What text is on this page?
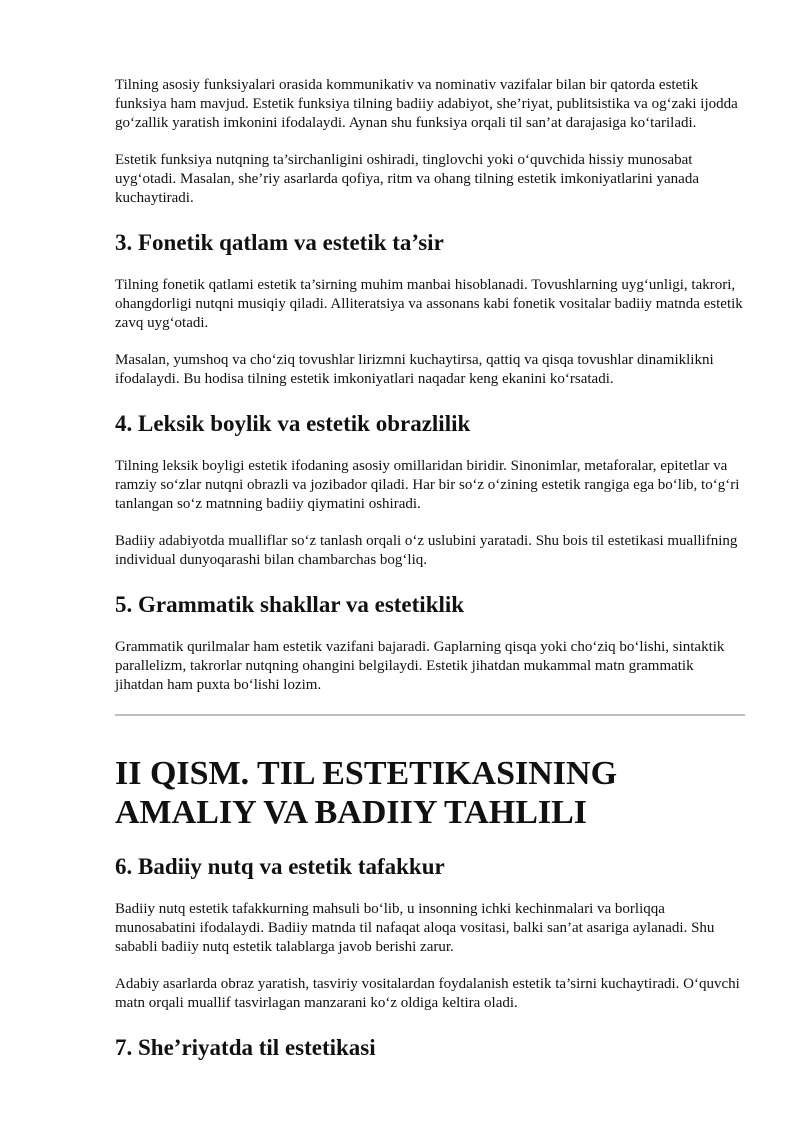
Tilning asosiy funksiyalari orasida kommunikativ va nominativ vazifalar bilan bir qatorda estetik funksiya ham mavjud. Estetik funksiya tilning badiiy adabiyot, she’riyat, publitsistika va og‘zaki ijodda go‘zallik yaratish imkonini ifodalaydi. Aynan shu funksiya orqali til san’at darajasiga ko‘tariladi.

Estetik funksiya nutqning ta’sirchanligini oshiradi, tinglovchi yoki o‘quvchida hissiy munosabat uyg‘otadi. Masalan, she’riy asarlarda qofiya, ritm va ohang tilning estetik imkoniyatlarini yanada kuchaytiradi.

3. Fonetik qatlam va estetik ta’sir

Tilning fonetik qatlami estetik ta’sirning muhim manbai hisoblanadi. Tovushlarning uyg‘unligi, takrori, ohangdorligi nutqni musiqiy qiladi. Alliteratsiya va assonans kabi fonetik vositalar badiiy matnda estetik zavq uyg‘otadi.

Masalan, yumshoq va cho‘ziq tovushlar lirizmni kuchaytirsa, qattiq va qisqa tovushlar dinamiklikni ifodalaydi. Bu hodisa tilning estetik imkoniyatlari naqadar keng ekanini ko‘rsatadi.

4. Leksik boylik va estetik obrazlilik

Tilning leksik boyligi estetik ifodaning asosiy omillaridan biridir. Sinonimlar, metaforalar, epitetlar va ramziy so‘zlar nutqni obrazli va jozibador qiladi. Har bir so‘z o‘zining estetik rangiga ega bo‘lib, to‘g‘ri tanlangan so‘z matnning badiiy qiymatini oshiradi.

Badiiy adabiyotda mualliflar so‘z tanlash orqali o‘z uslubini yaratadi. Shu bois til estetikasi muallifning individual dunyoqarashi bilan chambarchas bog‘liq.

5. Grammatik shakllar va estetiklik

Grammatik qurilmalar ham estetik vazifani bajaradi. Gaplarning qisqa yoki cho‘ziq bo‘lishi, sintaktik parallelizm, takrorlar nutqning ohangini belgilaydi. Estetik jihatdan mukammal matn grammatik jihatdan ham puxta bo‘lishi lozim.

II QISM. TIL ESTETIKASINING AMALIY VA BADIIY TAHLILI
6. Badiiy nutq va estetik tafakkur

Badiiy nutq estetik tafakkurning mahsuli bo‘lib, u insonning ichki kechinmalari va borliqqa munosabatini ifodalaydi. Badiiy matnda til nafaqat aloqa vositasi, balki san’at asariga aylanadi. Shu sababli badiiy nutq estetik talablarga javob berishi zarur.

Adabiy asarlarda obraz yaratish, tasviriy vositalardan foydalanish estetik ta’sirni kuchaytiradi. O‘quvchi matn orqali muallif tasvirlagan manzarani ko‘z oldiga keltira oladi.

7. She’riyatda til estetikasi
